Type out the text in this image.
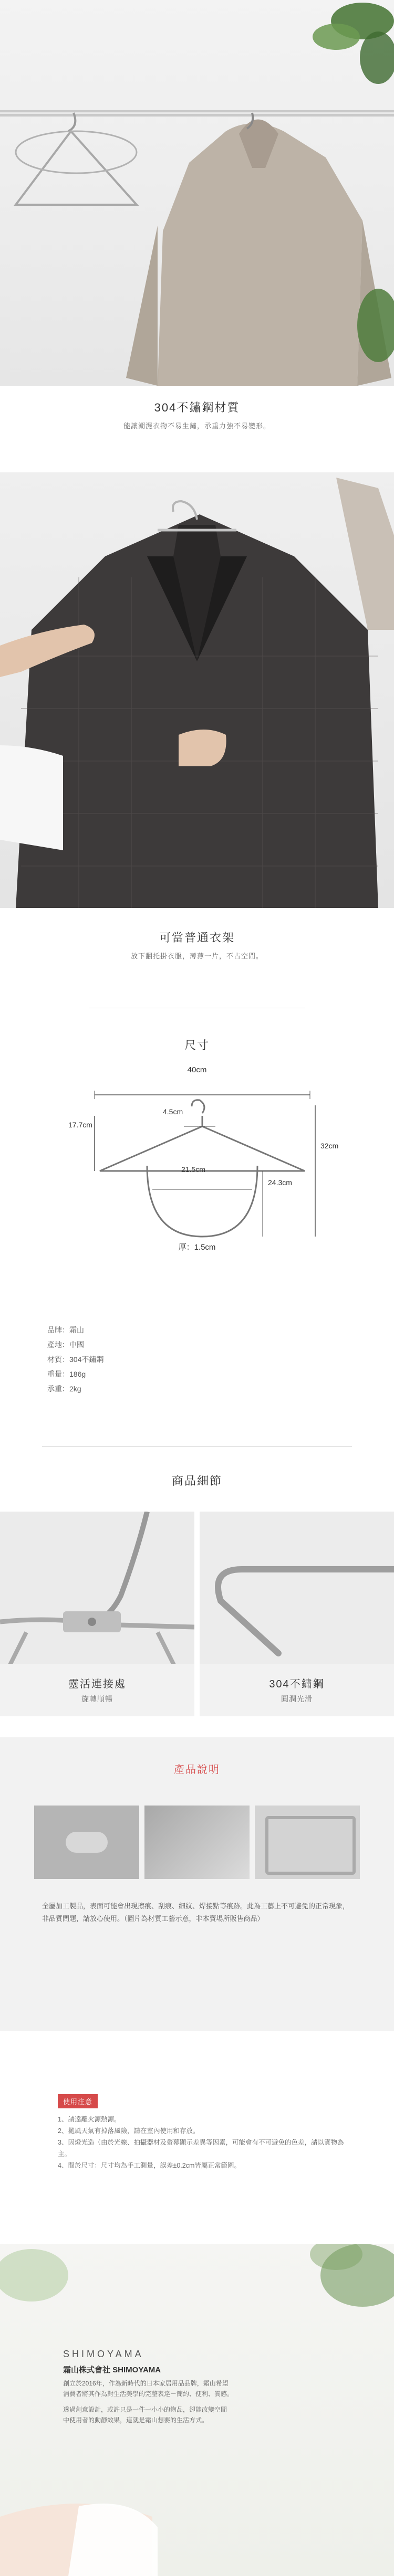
304不鏽鋼材質
能讓潮濕衣物不易生鏽，承重力強不易變形。
可當普通衣架
放下翻托掛衣服，薄薄一片，不占空間。
尺寸
40cm
4.5cm
17.7cm
32cm
21.5cm
24.3cm
厚：1.5cm
品牌：霜山
產地：中國
材質：304不鏽鋼
重量：186g
承重：2kg
商品細節
靈活連接處
旋轉順暢
304不鏽鋼
圓潤光滑
產品說明
全屬加工製品，表面可能會出現擦痕、刮痕、細紋、焊接點等痕跡。此為工藝上不可避免的正常現象，非品質問題，請放心使用。（圖片為材質工藝示意，非本賣場所販售商品）
使用注意
1、請遠離火源熱源。
2、拋風天氣有掉落風險，請在室內使用和存放。
3、因燈光造（由於光線、拍攝器材及螢幕顯示差異等因素，可能會有不可避免的色差，請以實物為主。
4、間於尺寸：尺寸均為手工測量，誤差±0.2cm皆屬正常範圍。
SHIMOYAMA
霜山株式會社 SHIMOYAMA
創立於2016年，作為新時代的日本家居用品品牌，霜山希望
消費者將其作為對生活美學的完整表達－簡約、便利、質感。
透過創意設計，或許只是一件一小小的物品，卻能改變空間
中使用者的動靜效果，這就是霜山想要的生活方式。
